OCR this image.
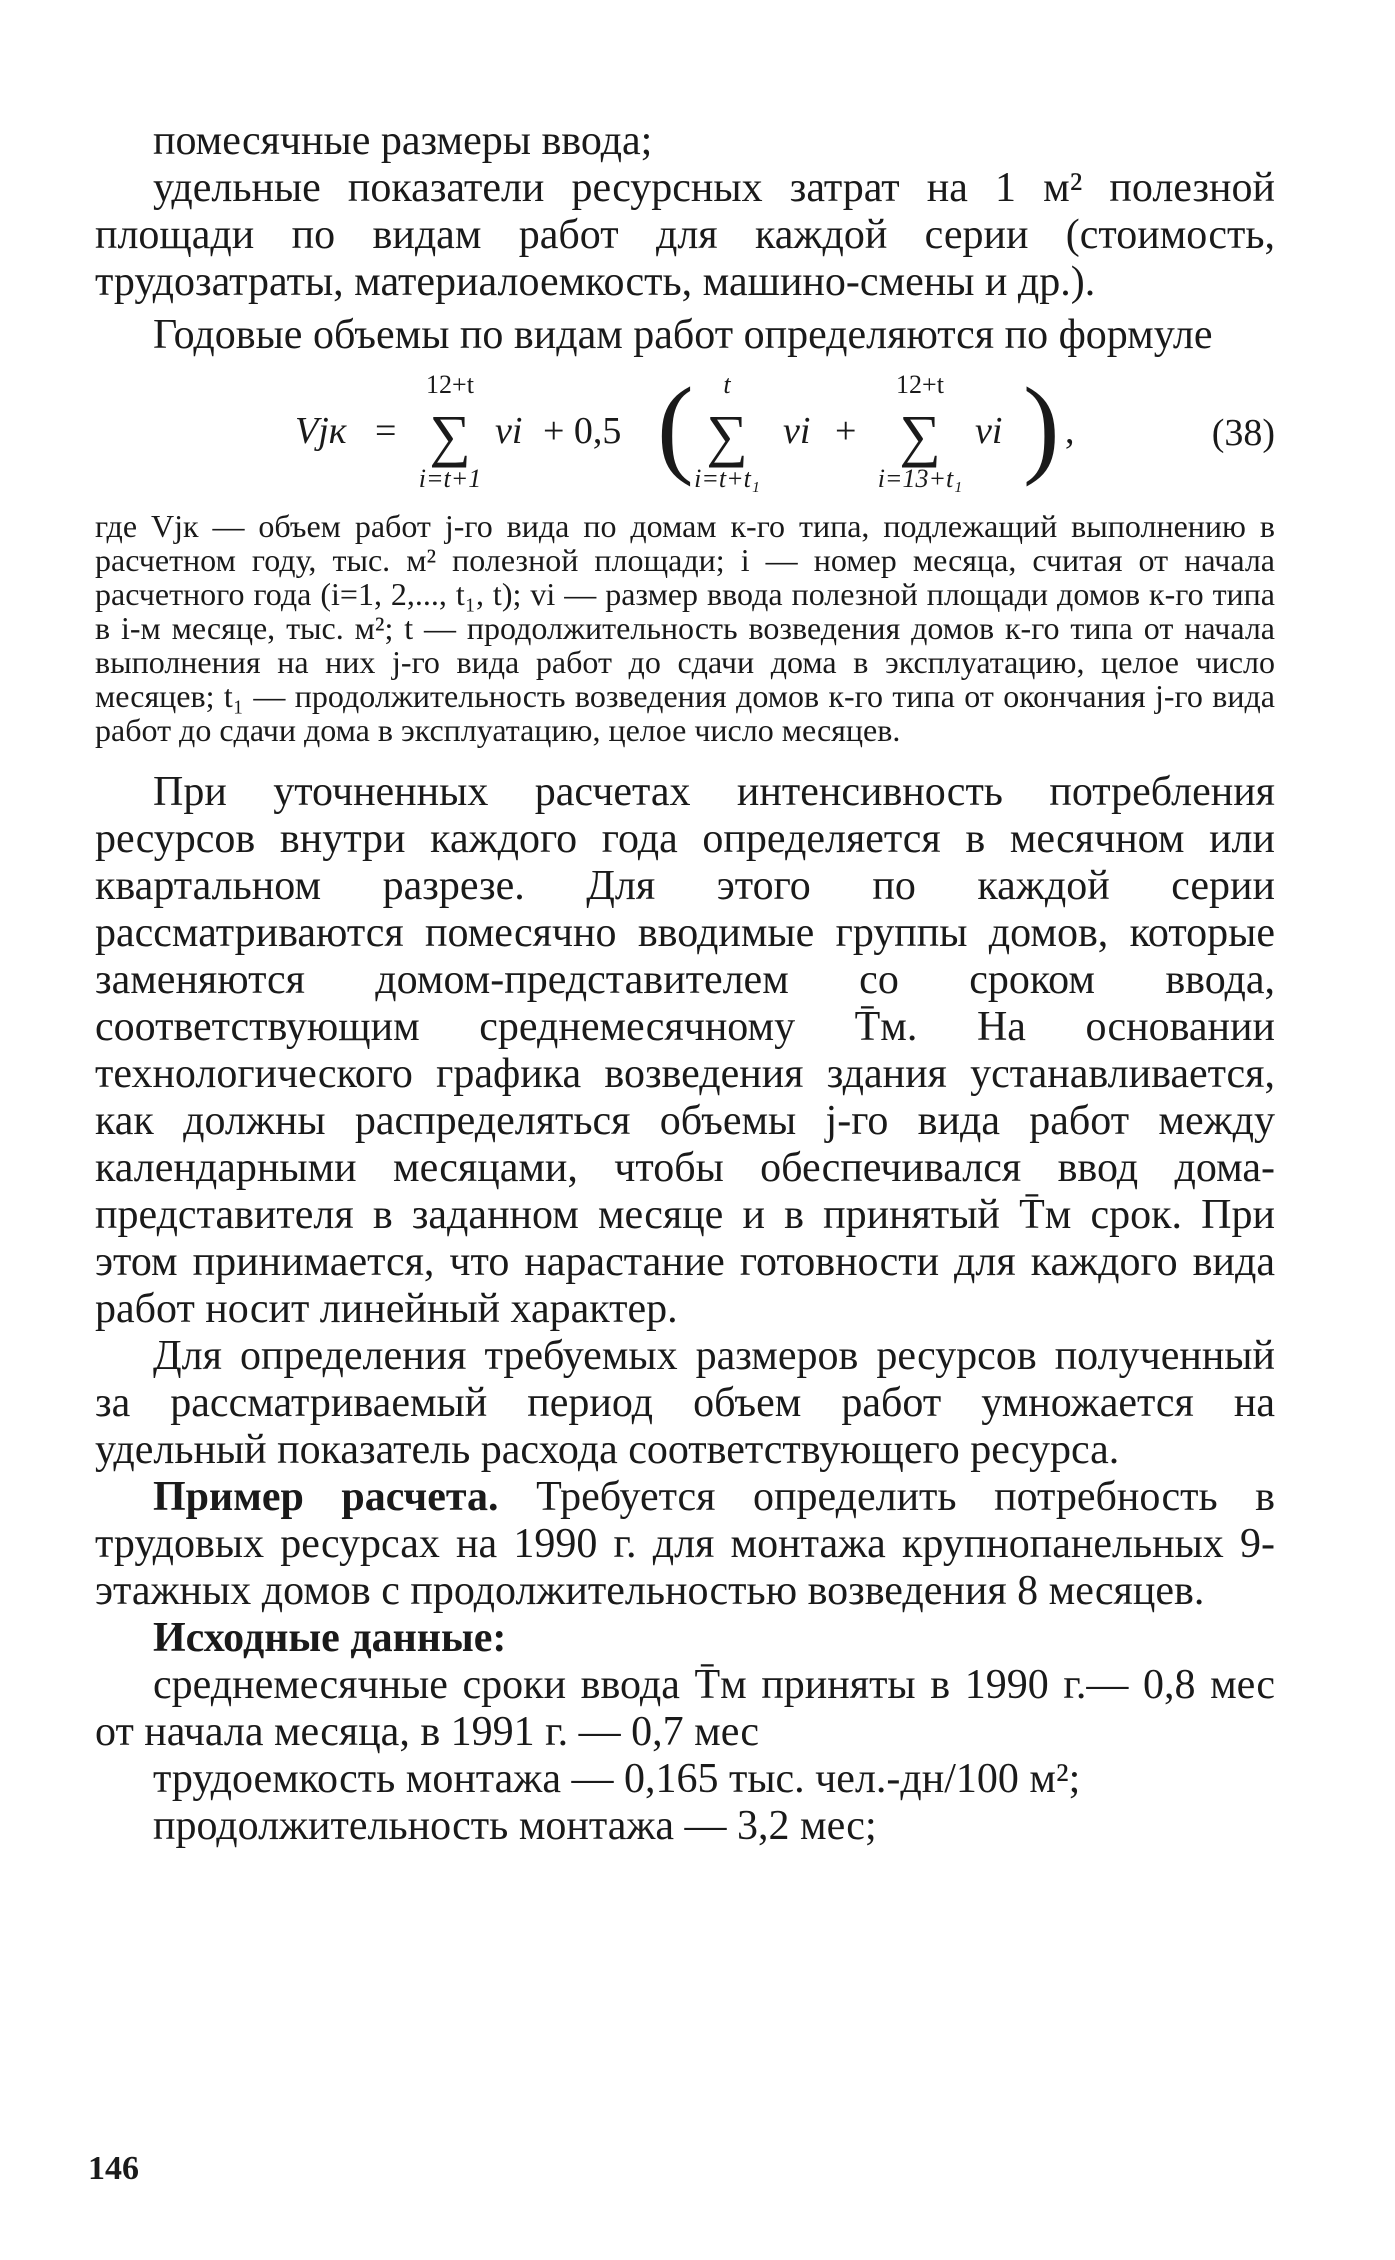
помесячные размеры ввода;

удельные показатели ресурсных затрат на 1 м² полезной площади по видам работ для каждой серии (стоимость, трудозатраты, материалоемкость, машино-смены и др.).

Годовые объемы по видам работ определяются по формуле

Vjк =
12+t
∑
i=t+1
vi + 0,5 ( t
∑
i=t+t₁
vi +
12+t
∑
i=13+t₁
vi ) ,	(38)

где Vjк — объем работ j-го вида по домам к-го типа, подлежащий выполнению в расчетном году, тыс. м² полезной площади; i — номер месяца, считая от начала расчетного года (i=1, 2,..., t₁, t); vi — размер ввода полезной площади домов к-го типа в i-м месяце, тыс. м²; t — продолжительность возведения домов к-го типа от начала выполнения на них j-го вида работ до сдачи дома в эксплуатацию, целое число месяцев; t₁ — продолжительность возведения домов к-го типа от окончания j-го вида работ до сдачи дома в эксплуатацию, целое число месяцев.

При уточненных расчетах интенсивность потребления ресурсов внутри каждого года определяется в месячном или квартальном разрезе. Для этого по каждой серии рассматриваются помесячно вводимые группы домов, которые заменяются домом-представителем со сроком ввода, соответствующим среднемесячному T̄м. На основании технологического графика возведения здания устанавливается, как должны распределяться объемы j-го вида работ между календарными месяцами, чтобы обеспечивался ввод дома-представителя в заданном месяце и в принятый T̄м срок. При этом принимается, что нарастание готовности для каждого вида работ носит линейный характер.

Для определения требуемых размеров ресурсов полученный за рассматриваемый период объем работ умножается на удельный показатель расхода соответствующего ресурса.

Пример расчета. Требуется определить потребность в трудовых ресурсах на 1990 г. для монтажа крупнопанельных 9-этажных домов с продолжительностью возведения 8 месяцев.

Исходные данные:

среднемесячные сроки ввода T̄м приняты в 1990 г.— 0,8 мес от начала месяца, в 1991 г. — 0,7 мес

трудоемкость монтажа — 0,165 тыс. чел.-дн/100 м²;

продолжительность монтажа — 3,2 мес;

146
